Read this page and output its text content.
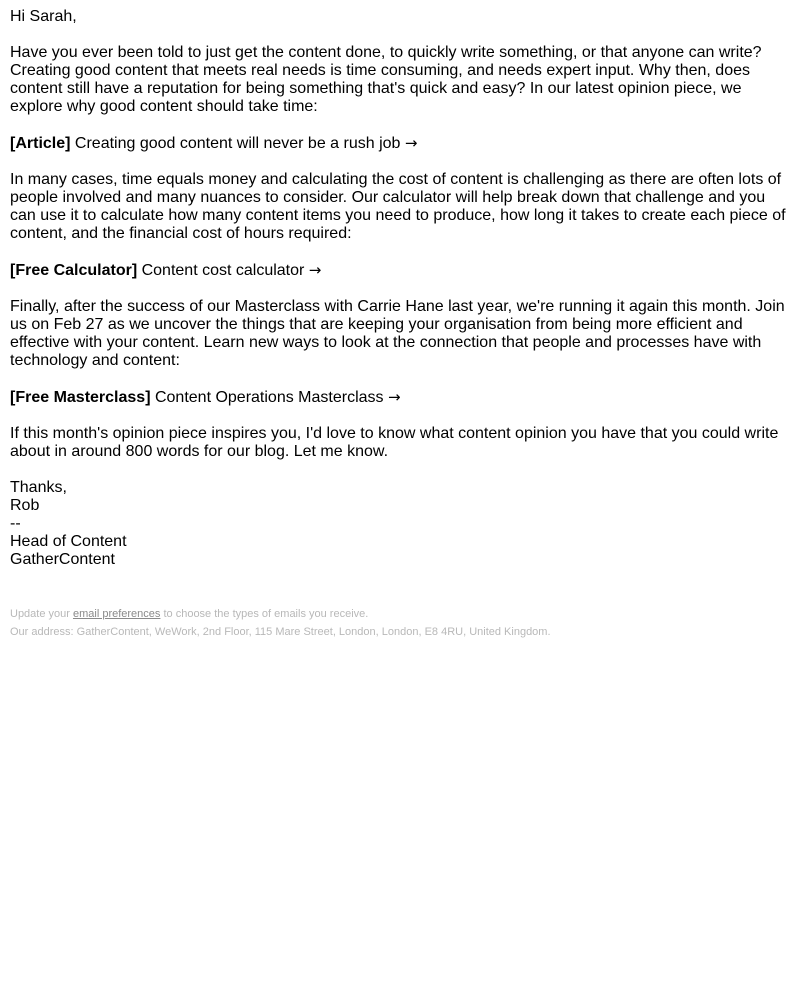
Hi Sarah,

Have you ever been told to just get the content done, to quickly write something, or that anyone can write? Creating good content that meets real needs is time consuming, and needs expert input. Why then, does content still have a reputation for being something that's quick and easy? In our latest opinion piece, we explore why good content should take time:

[Article] Creating good content will never be a rush job →

In many cases, time equals money and calculating the cost of content is challenging as there are often lots of people involved and many nuances to consider. Our calculator will help break down that challenge and you can use it to calculate how many content items you need to produce, how long it takes to create each piece of content, and the financial cost of hours required:

[Free Calculator] Content cost calculator →

Finally, after the success of our Masterclass with Carrie Hane last year, we're running it again this month. Join us on Feb 27 as we uncover the things that are keeping your organisation from being more efficient and effective with your content. Learn new ways to look at the connection that people and processes have with technology and content:

[Free Masterclass] Content Operations Masterclass →

If this month's opinion piece inspires you, I'd love to know what content opinion you have that you could write about in around 800 words for our blog. Let me know.

Thanks,
Rob
--
Head of Content
GatherContent
Update your email preferences to choose the types of emails you receive.
Our address: GatherContent, WeWork, 2nd Floor, 115 Mare Street, London, London, E8 4RU, United Kingdom.
